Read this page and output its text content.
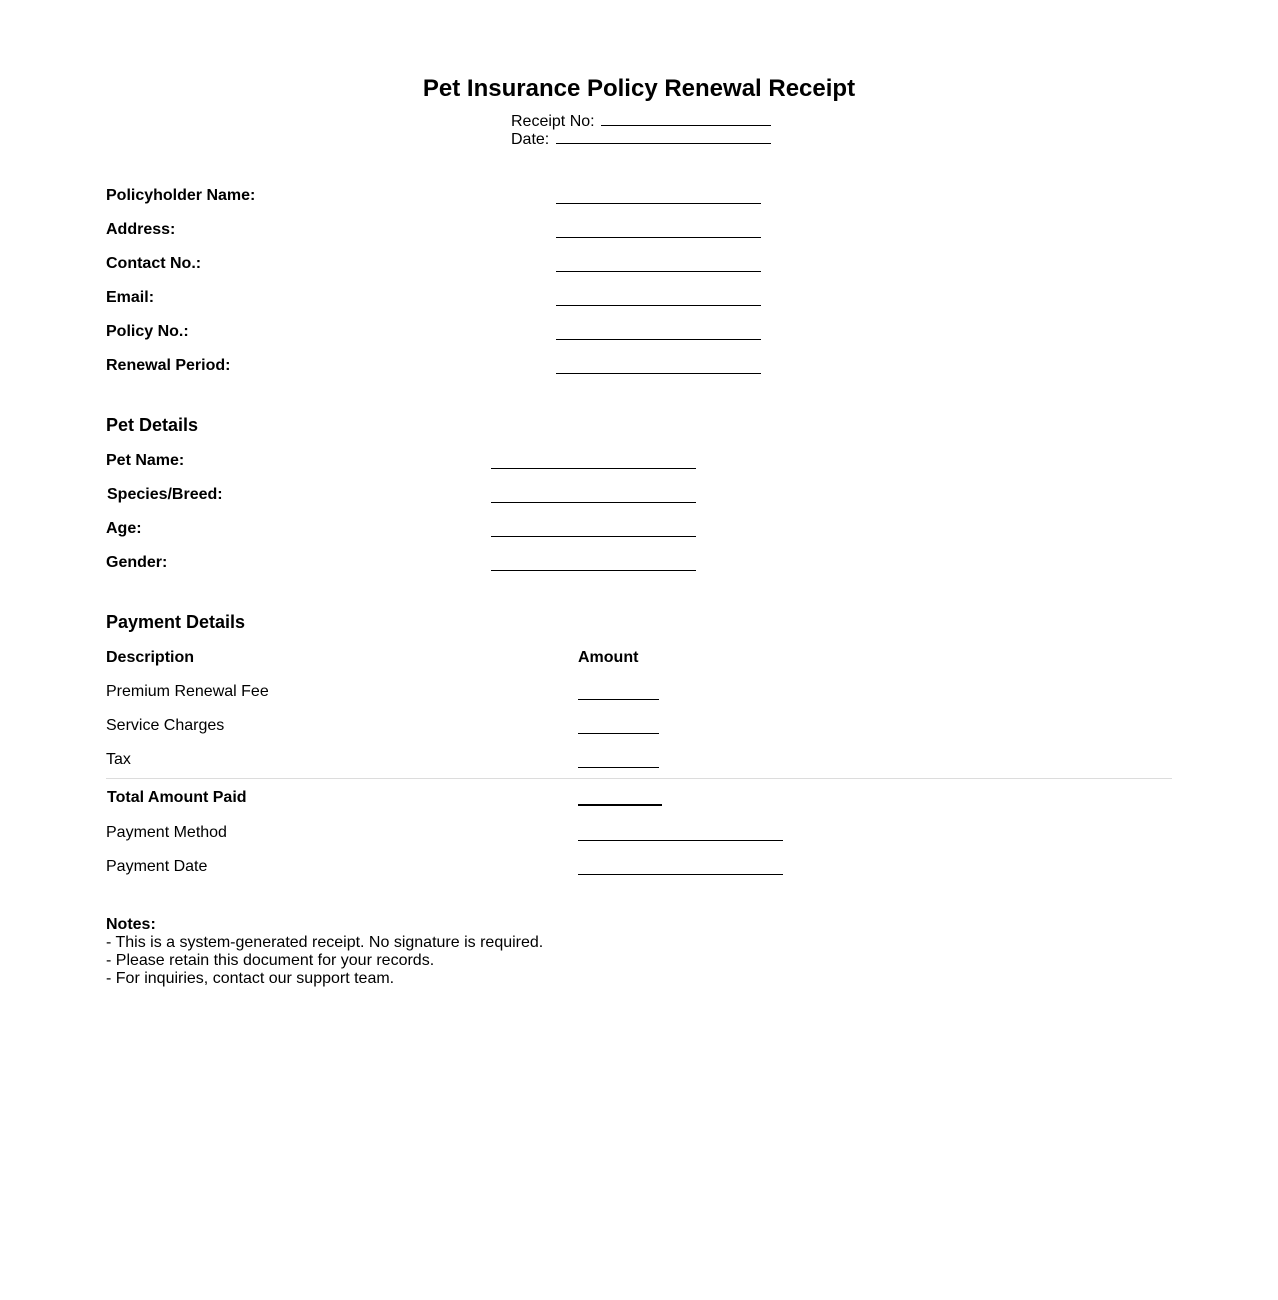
Pet Insurance Policy Renewal Receipt
Receipt No:
Date:
Policyholder Name:
Address:
Contact No.:
Email:
Policy No.:
Renewal Period:
Pet Details
Pet Name:
Species/Breed:
Age:
Gender:
Payment Details
Description	Amount
Premium Renewal Fee
Service Charges
Tax
Total Amount Paid
Payment Method
Payment Date
Notes:
- This is a system-generated receipt. No signature is required.
- Please retain this document for your records.
- For inquiries, contact our support team.
